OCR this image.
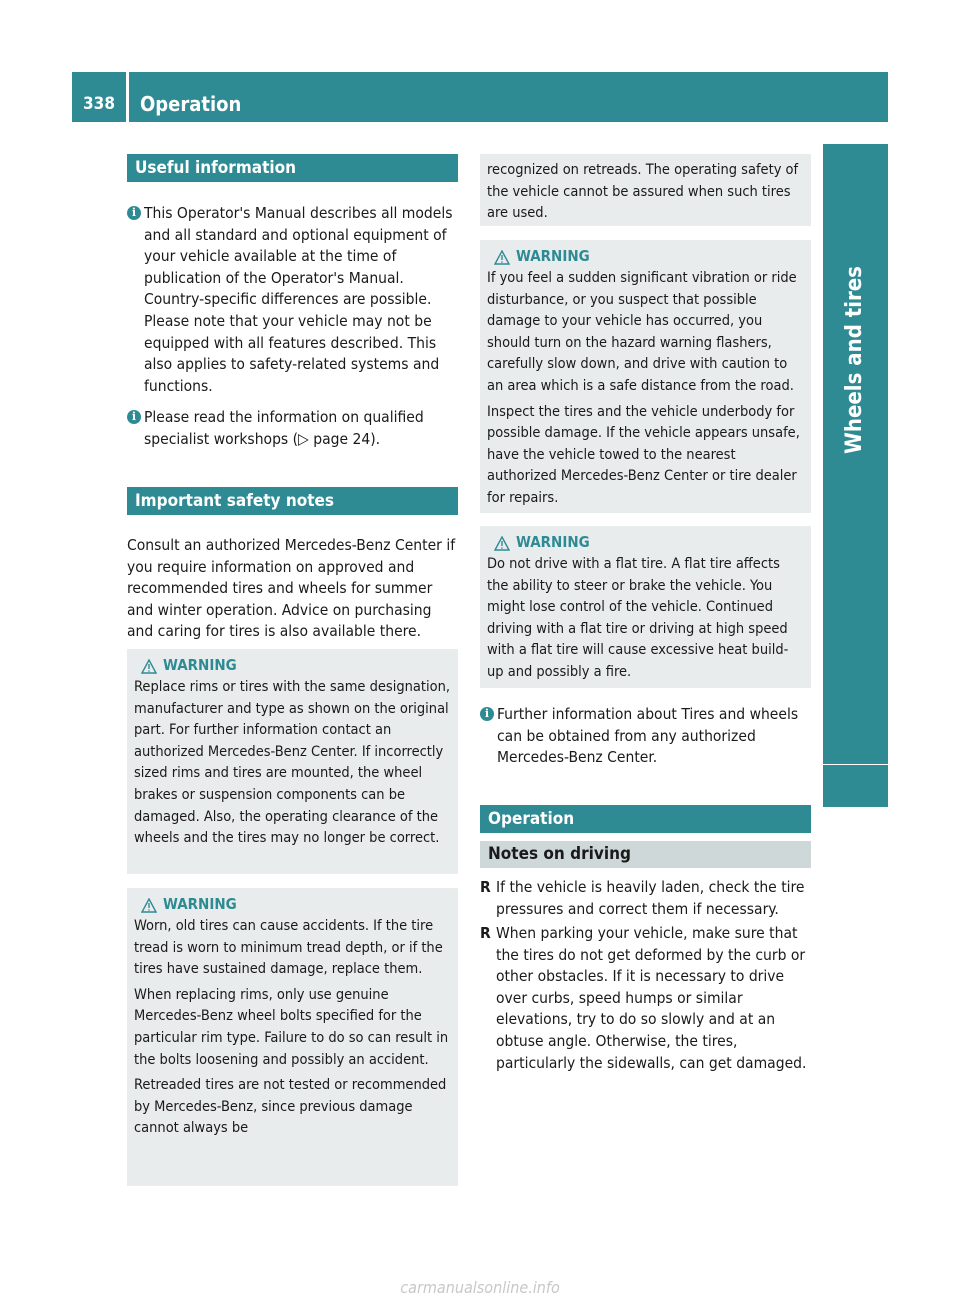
338	Operation
Wheels and tires
Useful information
i This Operator's Manual describes all models and all standard and optional equipment of your vehicle available at the time of publication of the Operator's Manual. Country-specific differences are possible. Please note that your vehicle may not be equipped with all features described. This also applies to safety-related systems and functions.
i Please read the information on qualified specialist workshops (▷ page 24).
Important safety notes

Consult an authorized Mercedes-Benz Center if you require information on approved and recommended tires and wheels for summer and winter operation. Advice on purchasing and caring for tires is also available there.

WARNING

Replace rims or tires with the same designation, manufacturer and type as shown on the original part. For further information contact an authorized Mercedes-Benz Center. If incorrectly sized rims and tires are mounted, the wheel brakes or suspension components can be damaged. Also, the operating clearance of the wheels and the tires may no longer be correct.

WARNING

Worn, old tires can cause accidents. If the tire tread is worn to minimum tread depth, or if the tires have sustained damage, replace them.

When replacing rims, only use genuine Mercedes-Benz wheel bolts specified for the particular rim type. Failure to do so can result in the bolts loosening and possibly an accident.

Retreaded tires are not tested or recommended by Mercedes-Benz, since previous damage cannot always be

recognized on retreads. The operating safety of the vehicle cannot be assured when such tires are used.

WARNING

If you feel a sudden significant vibration or ride disturbance, or you suspect that possible damage to your vehicle has occurred, you should turn on the hazard warning flashers, carefully slow down, and drive with caution to an area which is a safe distance from the road.

Inspect the tires and the vehicle underbody for possible damage. If the vehicle appears unsafe, have the vehicle towed to the nearest authorized Mercedes-Benz Center or tire dealer for repairs.

WARNING

Do not drive with a flat tire. A flat tire affects the ability to steer or brake the vehicle. You might lose control of the vehicle. Continued driving with a flat tire or driving at high speed with a flat tire will cause excessive heat build-up and possibly a fire.

i Further information about Tires and wheels can be obtained from any authorized Mercedes-Benz Center.
Operation
Notes on driving
R If the vehicle is heavily laden, check the tire pressures and correct them if necessary.
R When parking your vehicle, make sure that the tires do not get deformed by the curb or other obstacles. If it is necessary to drive over curbs, speed humps or similar elevations, try to do so slowly and at an obtuse angle. Otherwise, the tires, particularly the sidewalls, can get damaged.
carmanualsonline.info
